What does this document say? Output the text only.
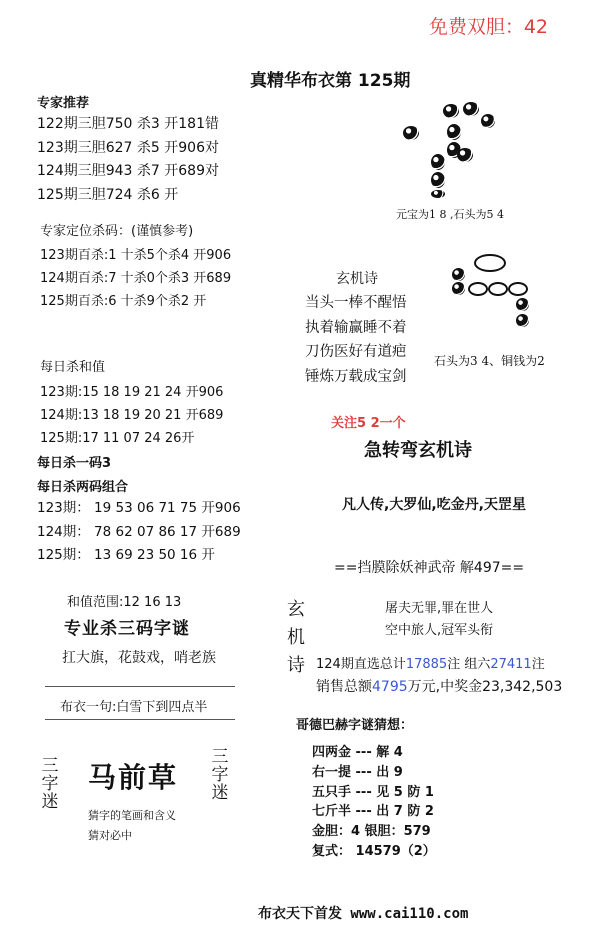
免费双胆：42
真精华布衣第 125期
专家推荐
122期三胆750 杀3 开181错
123期三胆627 杀5 开906对
124期三胆943 杀7 开689对
125期三胆724 杀6 开
专家定位杀码：(谨慎参考)
123期百杀:1 十杀5个杀4 开906
124期百杀:7 十杀0个杀3 开689
125期百杀:6 十杀9个杀2 开
每日杀和值
123期:15 18 19 21 24 开906
124期:13 18 19 20 21 开689
125期:17 11 07 24 26开
每日杀一码3
每日杀两码组合
123期： 19 53 06 71 75 开906
124期： 78 62 07 86 17 开689
125期： 13 69 23 50 16 开
和值范围:12 16 13
专业杀三码字谜
扛大旗，花鼓戏，哨老族
布衣一句:白雪下到四点半
三
字
迷
马前草
三
字
迷
猜字的笔画和含义
猜对必中
元宝为1 8 ,石头为5 4
玄机诗
当头一棒不醒悟
执着输赢睡不着
刀伤医好有道疤
锤炼万载成宝剑
石头为3 4、铜钱为2
关注5 2一个
急转弯玄机诗
凡人传,大罗仙,吃金丹,天罡星
==挡膜除妖神武帝 解497==
玄
机
诗
屠夫无罪,罪在世人
空中旅人,冠军头衔
124期直选总计17885注 组六27411注
销售总额4795万元,中奖金23,342,503
哥德巴赫字谜猜想：
四两金 --- 解 4
右一提 --- 出 9
五只手 --- 见 5 防 1
七斤半 --- 出 7 防 2
金胆：4 银胆：579
复式： 14579（2）
布衣天下首发 www.cai110.com
